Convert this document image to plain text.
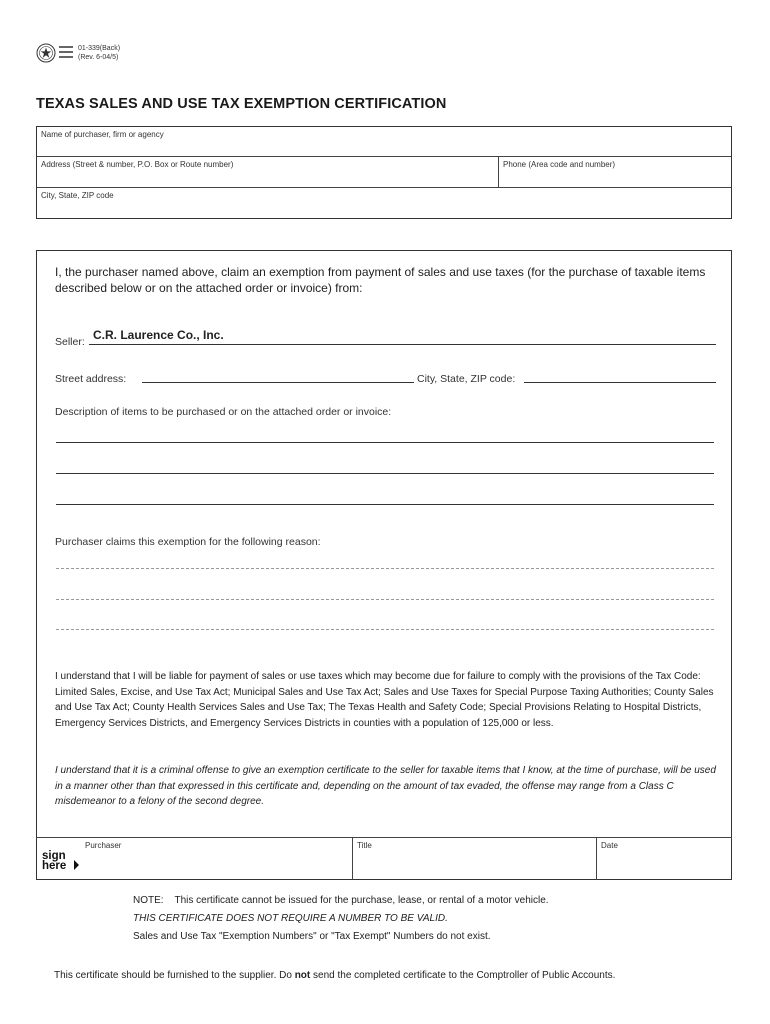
01-339(Back)
(Rev. 6-04/5)
TEXAS SALES AND USE TAX EXEMPTION CERTIFICATION
Name of purchaser, firm or agency
Address (Street & number, P.O. Box or Route number)	Phone (Area code and number)
City, State, ZIP code
I, the purchaser named above, claim an exemption from payment of sales and use taxes (for the purchase of taxable items described below or on the attached order or invoice) from:
Seller: C.R. Laurence Co., Inc.
Street address:	City, State, ZIP code:
Description of items to be purchased or on the attached order or invoice:
Purchaser claims this exemption for the following reason:
I understand that I will be liable for payment of sales or use taxes which may become due for failure to comply with the provisions of the Tax Code: Limited Sales, Excise, and Use Tax Act; Municipal Sales and Use Tax Act; Sales and Use Taxes for Special Purpose Taxing Authorities; County Sales and Use Tax Act; County Health Services Sales and Use Tax; The Texas Health and Safety Code; Special Provisions Relating to Hospital Districts, Emergency Services Districts, and Emergency Services Districts in counties with a population of 125,000 or less.
I understand that it is a criminal offense to give an exemption certificate to the seller for taxable items that I know, at the time of purchase, will be used in a manner other than that expressed in this certificate and, depending on the amount of tax evaded, the offense may range from a Class C misdemeanor to a felony of the second degree.
Purchaser	Title	Date
sign
here
NOTE:    This certificate cannot be issued for the purchase, lease, or rental of a motor vehicle.
THIS CERTIFICATE DOES NOT REQUIRE A NUMBER TO BE VALID.
Sales and Use Tax "Exemption Numbers" or "Tax Exempt" Numbers do not exist.
This certificate should be furnished to the supplier. Do not send the completed certificate to the Comptroller of Public Accounts.
